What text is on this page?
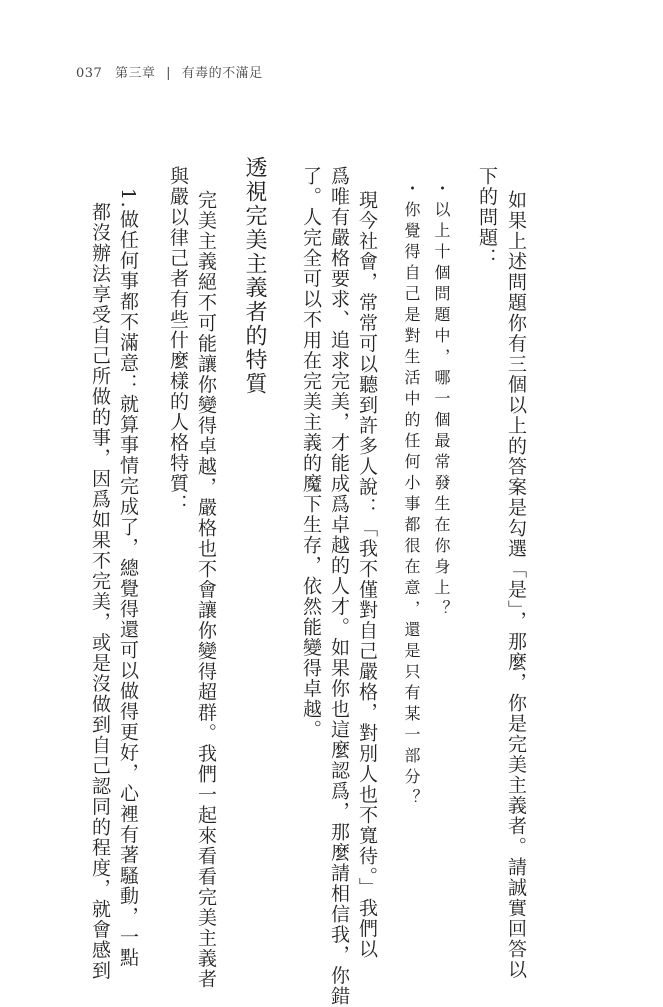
037 第三章 | 有毒的不滿足
如果上述問題你有三個以上的答案是勾選「是」，那麼，你是完美主義者。請誠實回答以
下的問題：
・以上十個問題中，哪一個最常發生在你身上？
・你覺得自己是對生活中的任何小事都很在意，還是只有某一部分？
現今社會，常常可以聽到許多人說：「我不僅對自己嚴格，對別人也不寬待。」我們以
爲唯有嚴格要求、追求完美，才能成爲卓越的人才。如果你也這麼認爲，那麼請相信我，你錯
了。人完全可以不用在完美主義的魔下生存，依然能變得卓越。
透視完美主義者的特質
完美主義絕不可能讓你變得卓越，嚴格也不會讓你變得超群。我們一起來看看完美主義者
與嚴以律己者有些什麼樣的人格特質：
1.做任何事都不滿意：就算事情完成了，總覺得還可以做得更好，心裡有著騷動，一點
都沒辦法享受自己所做的事，因爲如果不完美，或是沒做到自己認同的程度，就會感到
